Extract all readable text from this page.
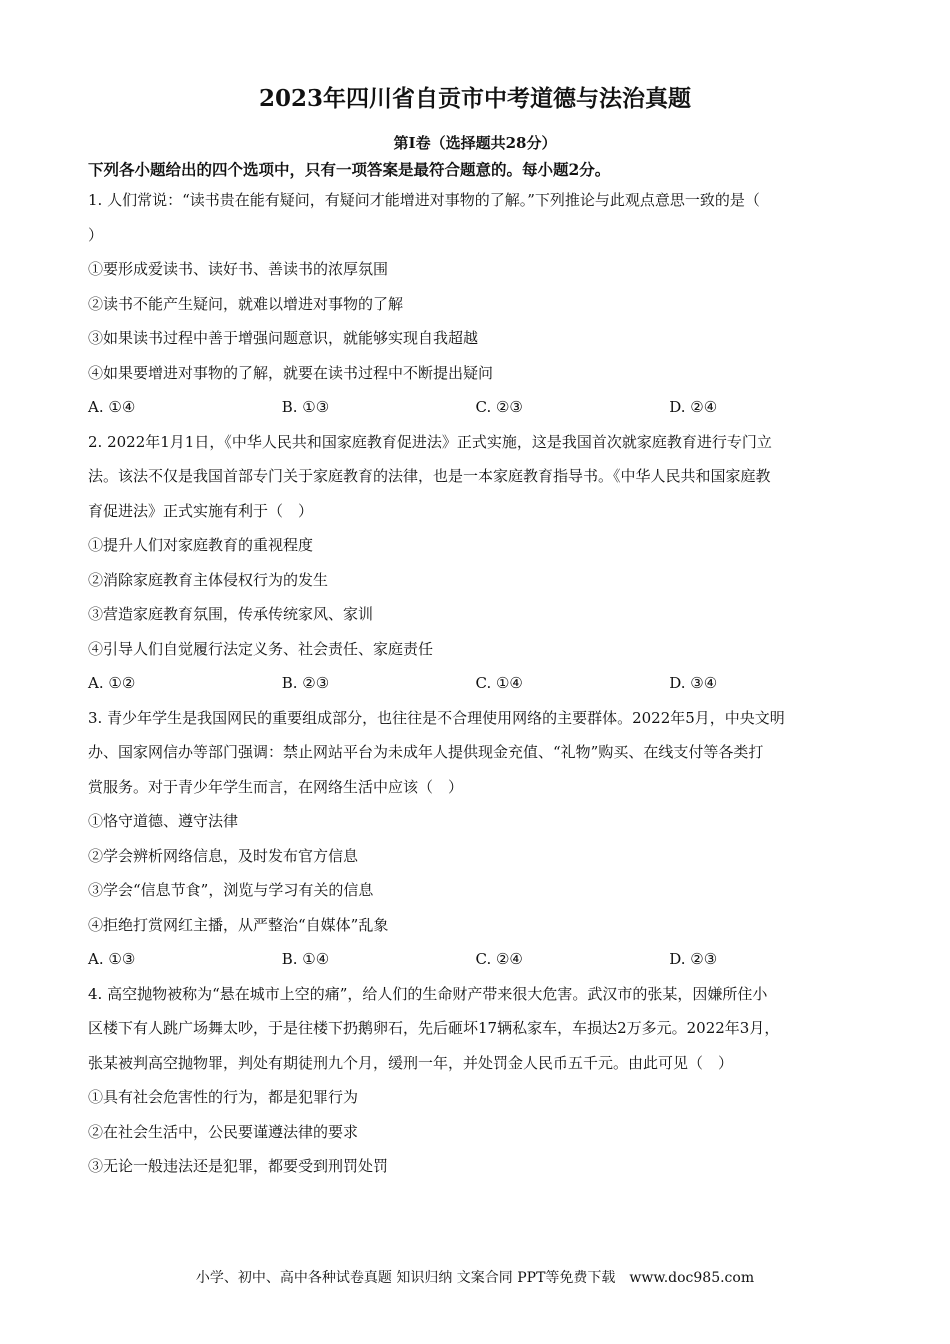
2023年四川省自贡市中考道德与法治真题
第I卷（选择题共28分）
下列各小题给出的四个选项中，只有一项答案是最符合题意的。每小题2分。

1. 人们常说：“读书贵在能有疑问，有疑问才能增进对事物的了解。”下列推论与此观点意思一致的是（

）

①要形成爱读书、读好书、善读书的浓厚氛围

②读书不能产生疑问，就难以增进对事物的了解

③如果读书过程中善于增强问题意识，就能够实现自我超越

④如果要增进对事物的了解，就要在读书过程中不断提出疑问

A. ①④	B. ①③	C. ②③	D. ②④

2. 2022年1月1日，《中华人民共和国家庭教育促进法》正式实施，这是我国首次就家庭教育进行专门立

法。该法不仅是我国首部专门关于家庭教育的法律，也是一本家庭教育指导书。《中华人民共和国家庭教

育促进法》正式实施有利于（　）

①提升人们对家庭教育的重视程度

②消除家庭教育主体侵权行为的发生

③营造家庭教育氛围，传承传统家风、家训

④引导人们自觉履行法定义务、社会责任、家庭责任

A. ①②	B. ②③	C. ①④	D. ③④

3. 青少年学生是我国网民的重要组成部分，也往往是不合理使用网络的主要群体。2022年5月，中央文明

办、国家网信办等部门强调：禁止网站平台为未成年人提供现金充值、“礼物”购买、在线支付等各类打

赏服务。对于青少年学生而言，在网络生活中应该（　）

①恪守道德、遵守法律

②学会辨析网络信息，及时发布官方信息

③学会“信息节食”，浏览与学习有关的信息

④拒绝打赏网红主播，从严整治“自媒体”乱象

A. ①③	B. ①④	C. ②④	D. ②③

4. 高空抛物被称为“悬在城市上空的痛”，给人们的生命财产带来很大危害。武汉市的张某，因嫌所住小

区楼下有人跳广场舞太吵，于是往楼下扔鹅卵石，先后砸坏17辆私家车，车损达2万多元。2022年3月，

张某被判高空抛物罪，判处有期徒刑九个月，缓刑一年，并处罚金人民币五千元。由此可见（　）

①具有社会危害性的行为，都是犯罪行为

②在社会生活中，公民要谨遵法律的要求

③无论一般违法还是犯罪，都要受到刑罚处罚

小学、初中、高中各种试卷真题 知识归纳 文案合同 PPT等免费下载　www.doc985.com
